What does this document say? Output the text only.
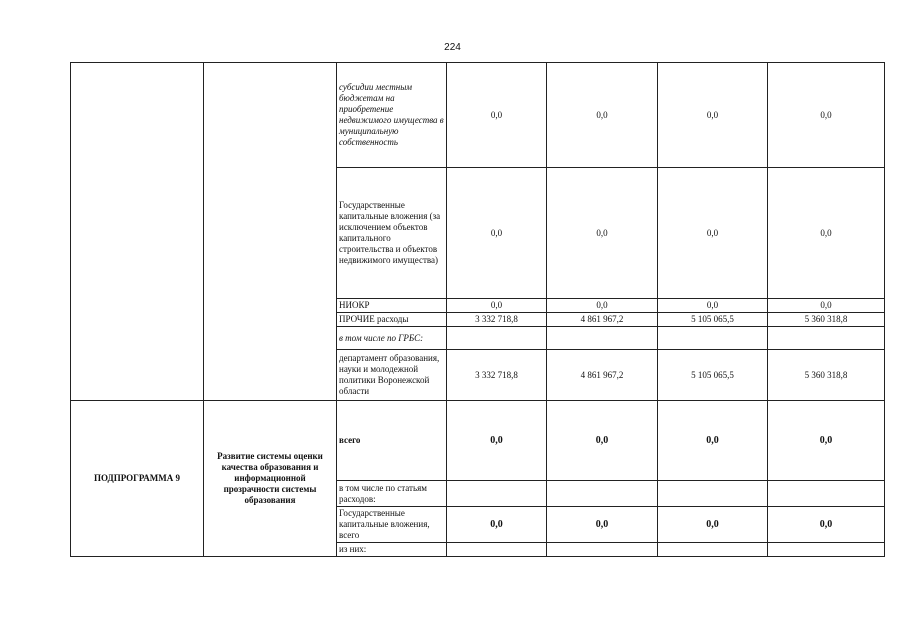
224
		субсидии местным бюджетам на приобретение недвижимого имущества в муниципальную собственность	0,0	0,0	0,0	0,0
		Государственные капитальные вложения (за исключением объектов капитального строительства и объектов недвижимого имущества)	0,0	0,0	0,0	0,0
		НИОКР	0,0	0,0	0,0	0,0
		ПРОЧИЕ расходы	3 332 718,8	4 861 967,2	5 105 065,5	5 360 318,8
		в том числе по ГРБС:				
		департамент образования, науки и молодежной политики Воронежской области	3 332 718,8	4 861 967,2	5 105 065,5	5 360 318,8
ПОДПРОГРАММА 9	Развитие системы оценки качества образования и информационной прозрачности системы образования	всего	0,0	0,0	0,0	0,0
		в том числе по статьям расходов:				
		Государственные капитальные вложения, всего	0,0	0,0	0,0	0,0
		из них:				
